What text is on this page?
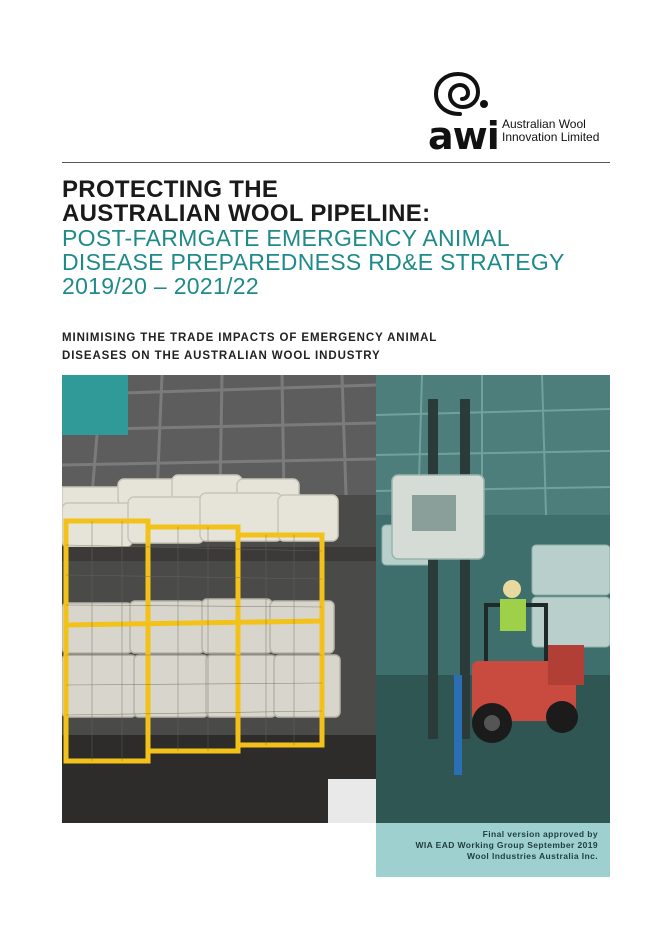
awi Australian Wool
Innovation Limited
PROTECTING THE
AUSTRALIAN WOOL PIPELINE:
POST-FARMGATE EMERGENCY ANIMAL
DISEASE PREPAREDNESS RD&E STRATEGY
2019/20 – 2021/22
MINIMISING THE TRADE IMPACTS OF EMERGENCY ANIMAL
DISEASES ON THE AUSTRALIAN WOOL INDUSTRY
Final version approved by
WIA EAD Working Group September 2019
Wool Industries Australia Inc.
